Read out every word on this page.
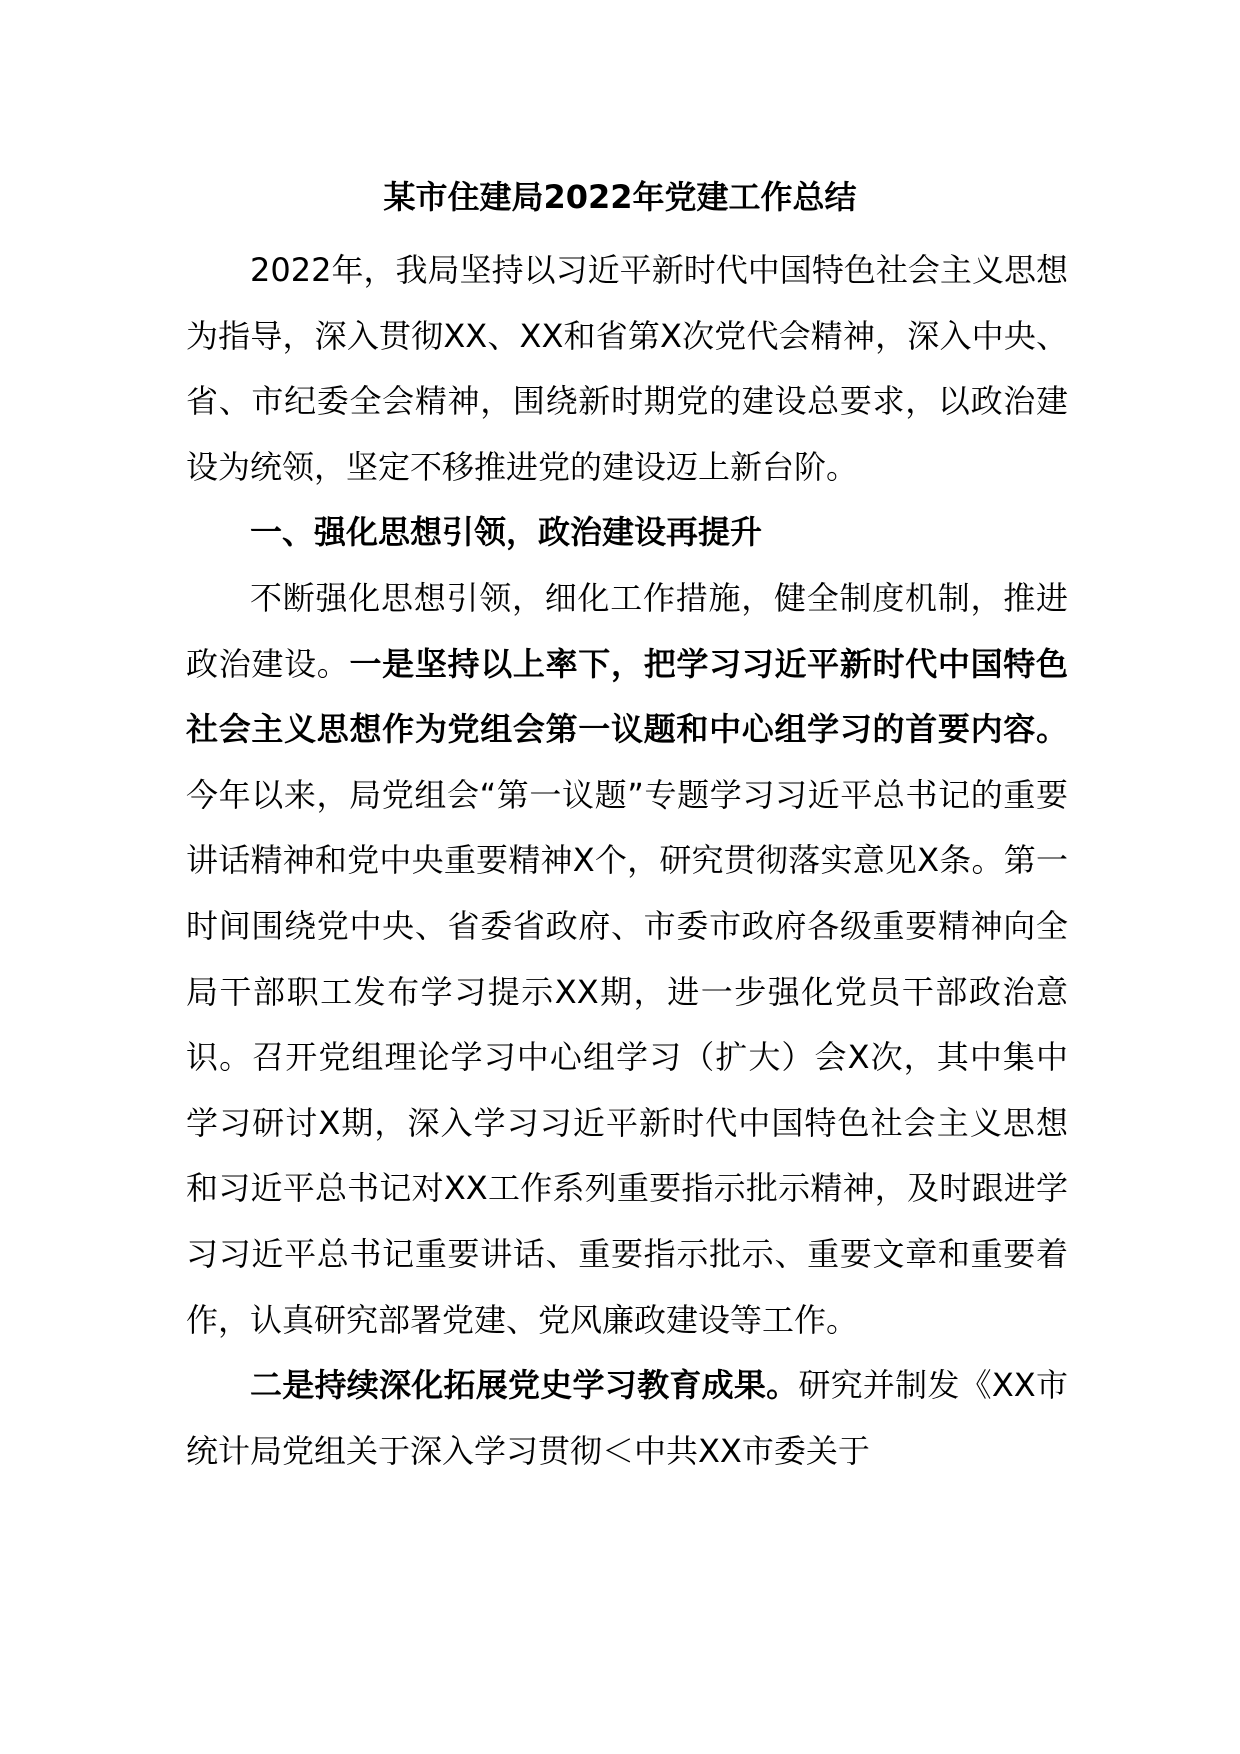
某市住建局2022年党建工作总结

2022年，我局坚持以习近平新时代中国特色社会主义思想为指导，深入贯彻XX、XX和省第X次党代会精神，深入中央、省、市纪委全会精神，围绕新时期党的建设总要求，以政治建设为统领，坚定不移推进党的建设迈上新台阶。

一、强化思想引领，政治建设再提升

不断强化思想引领，细化工作措施，健全制度机制，推进政治建设。一是坚持以上率下，把学习习近平新时代中国特色社会主义思想作为党组会第一议题和中心组学习的首要内容。今年以来，局党组会“第一议题”专题学习习近平总书记的重要讲话精神和党中央重要精神X个，研究贯彻落实意见X条。第一时间围绕党中央、省委省政府、市委市政府各级重要精神向全局干部职工发布学习提示XX期，进一步强化党员干部政治意识。召开党组理论学习中心组学习（扩大）会X次，其中集中学习研讨X期，深入学习习近平新时代中国特色社会主义思想和习近平总书记对XX工作系列重要指示批示精神，及时跟进学习习近平总书记重要讲话、重要指示批示、重要文章和重要着作，认真研究部署党建、党风廉政建设等工作。

二是持续深化拓展党史学习教育成果。研究并制发《XX市统计局党组关于深入学习贯彻＜中共XX市委关于
